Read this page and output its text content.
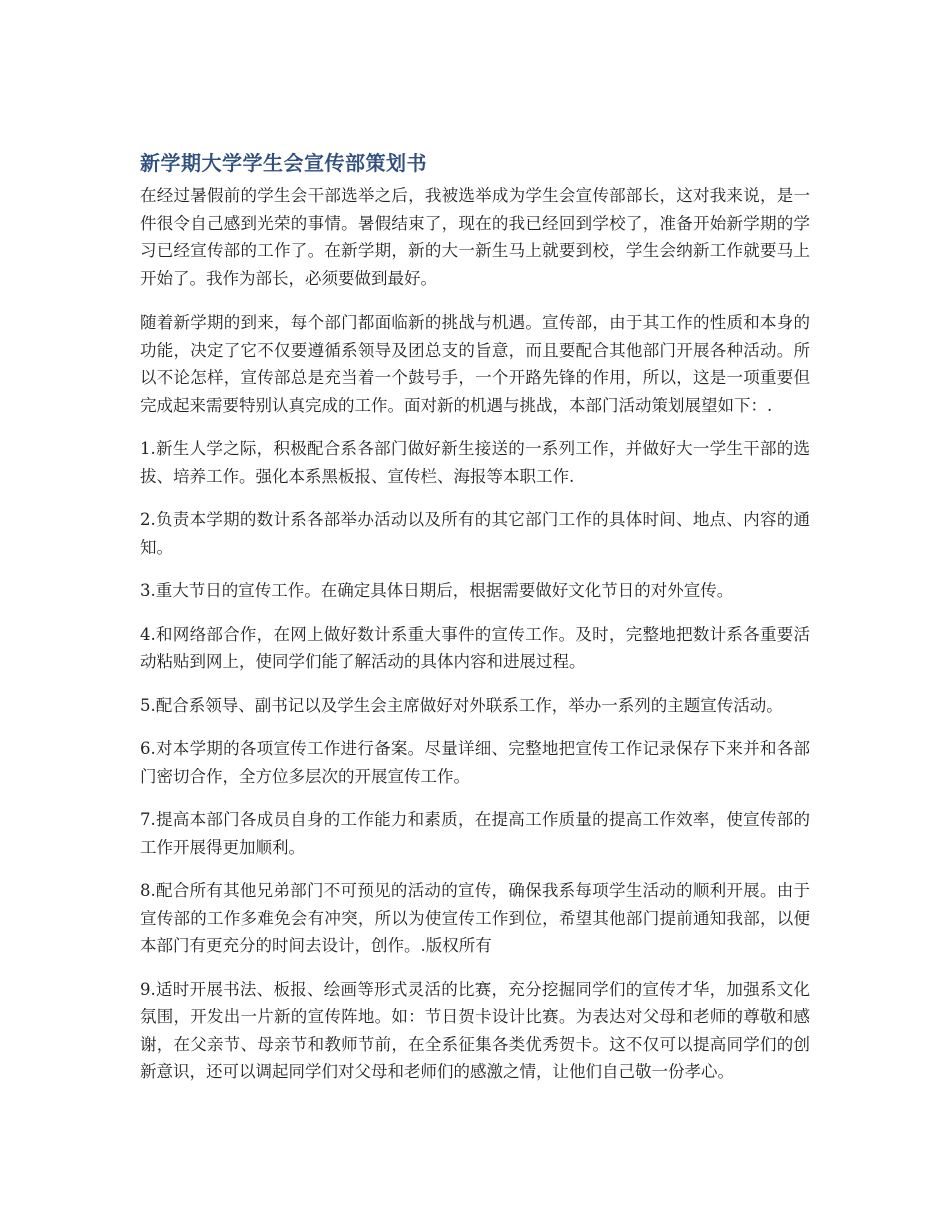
新学期大学学生会宣传部策划书

在经过暑假前的学生会干部选举之后，我被选举成为学生会宣传部部长，这对我来说，是一件很令自己感到光荣的事情。暑假结束了，现在的我已经回到学校了，准备开始新学期的学习已经宣传部的工作了。在新学期，新的大一新生马上就要到校，学生会纳新工作就要马上开始了。我作为部长，必须要做到最好。

随着新学期的到来，每个部门都面临新的挑战与机遇。宣传部，由于其工作的性质和本身的功能，决定了它不仅要遵循系领导及团总支的旨意，而且要配合其他部门开展各种活动。所以不论怎样，宣传部总是充当着一个鼓号手，一个开路先锋的作用，所以，这是一项重要但完成起来需要特别认真完成的工作。面对新的机遇与挑战，本部门活动策划展望如下：.

1.新生人学之际，积极配合系各部门做好新生接送的一系列工作，并做好大一学生干部的选拔、培养工作。强化本系黑板报、宣传栏、海报等本职工作.

2.负责本学期的数计系各部举办活动以及所有的其它部门工作的具体时间、地点、内容的通知。

3.重大节日的宣传工作。在确定具体日期后，根据需要做好文化节日的对外宣传。

4.和网络部合作，在网上做好数计系重大事件的宣传工作。及时，完整地把数计系各重要活动粘贴到网上，使同学们能了解活动的具体内容和进展过程。

5.配合系领导、副书记以及学生会主席做好对外联系工作，举办一系列的主题宣传活动。

6.对本学期的各项宣传工作进行备案。尽量详细、完整地把宣传工作记录保存下来并和各部门密切合作，全方位多层次的开展宣传工作。

7.提高本部门各成员自身的工作能力和素质，在提高工作质量的提高工作效率，使宣传部的工作开展得更加顺利。

8.配合所有其他兄弟部门不可预见的活动的宣传，确保我系每项学生活动的顺利开展。由于宣传部的工作多难免会有冲突，所以为使宣传工作到位，希望其他部门提前通知我部，以便本部门有更充分的时间去设计，创作。.版权所有

9.适时开展书法、板报、绘画等形式灵活的比赛，充分挖掘同学们的宣传才华，加强系文化氛围，开发出一片新的宣传阵地。如：节日贺卡设计比赛。为表达对父母和老师的尊敬和感谢，在父亲节、母亲节和教师节前，在全系征集各类优秀贺卡。这不仅可以提高同学们的创新意识，还可以调起同学们对父母和老师们的感激之情，让他们自己敬一份孝心。
